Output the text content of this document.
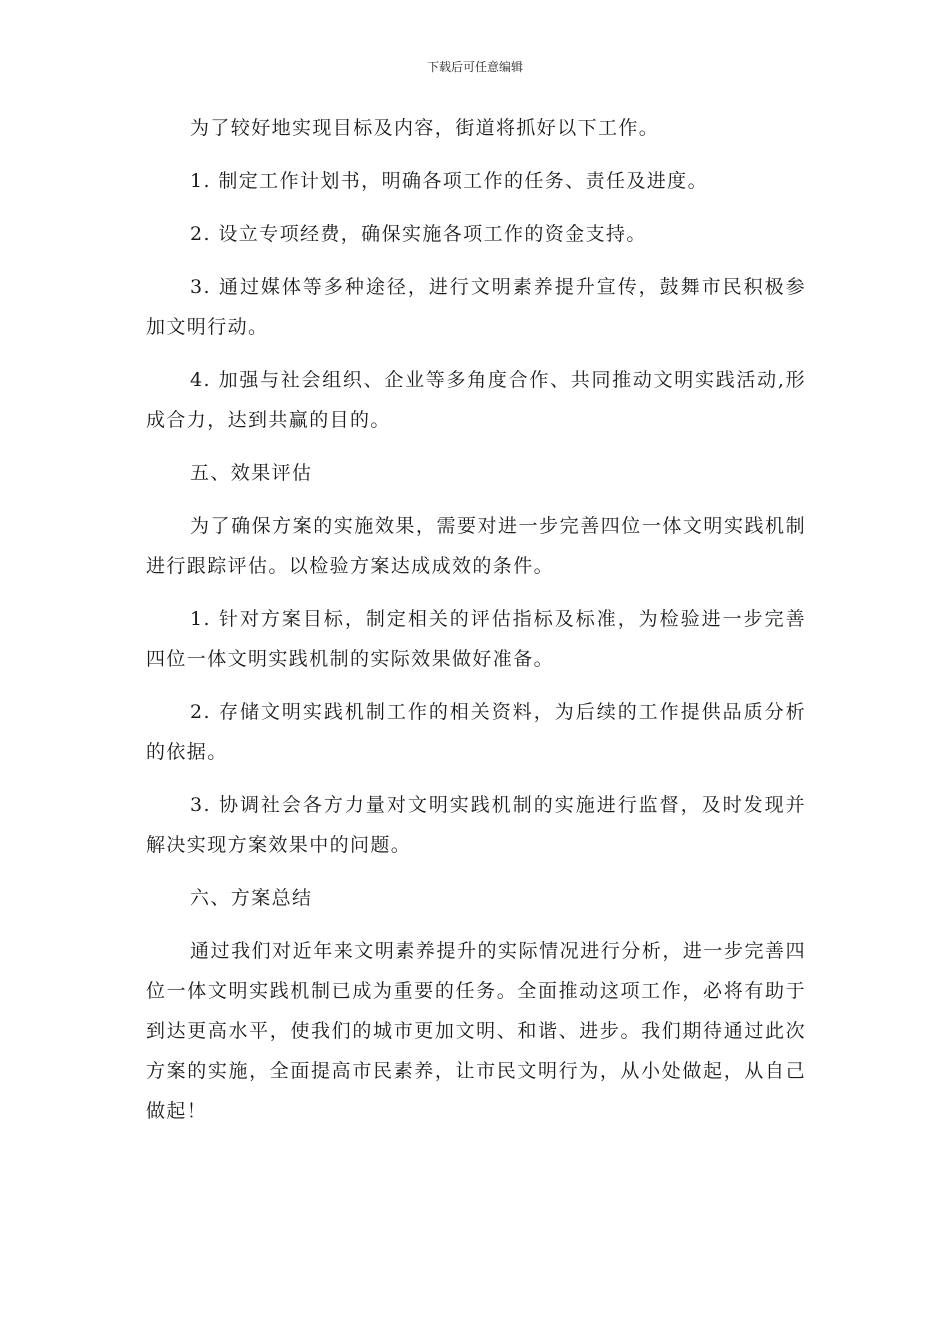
下载后可任意编辑

为了较好地实现目标及内容，街道将抓好以下工作。

1. 制定工作计划书，明确各项工作的任务、责任及进度。

2. 设立专项经费，确保实施各项工作的资金支持。

3. 通过媒体等多种途径，进行文明素养提升宣传，鼓舞市民积极参加文明行动。

4. 加强与社会组织、企业等多角度合作、共同推动文明实践活动,形成合力，达到共赢的目的。

五、效果评估

为了确保方案的实施效果，需要对进一步完善四位一体文明实践机制进行跟踪评估。以检验方案达成成效的条件。

1. 针对方案目标，制定相关的评估指标及标准，为检验进一步完善四位一体文明实践机制的实际效果做好准备。

2. 存储文明实践机制工作的相关资料，为后续的工作提供品质分析的依据。

3. 协调社会各方力量对文明实践机制的实施进行监督，及时发现并解决实现方案效果中的问题。

六、方案总结

通过我们对近年来文明素养提升的实际情况进行分析，进一步完善四位一体文明实践机制已成为重要的任务。全面推动这项工作，必将有助于到达更高水平，使我们的城市更加文明、和谐、进步。我们期待通过此次方案的实施，全面提高市民素养，让市民文明行为，从小处做起，从自己做起！
